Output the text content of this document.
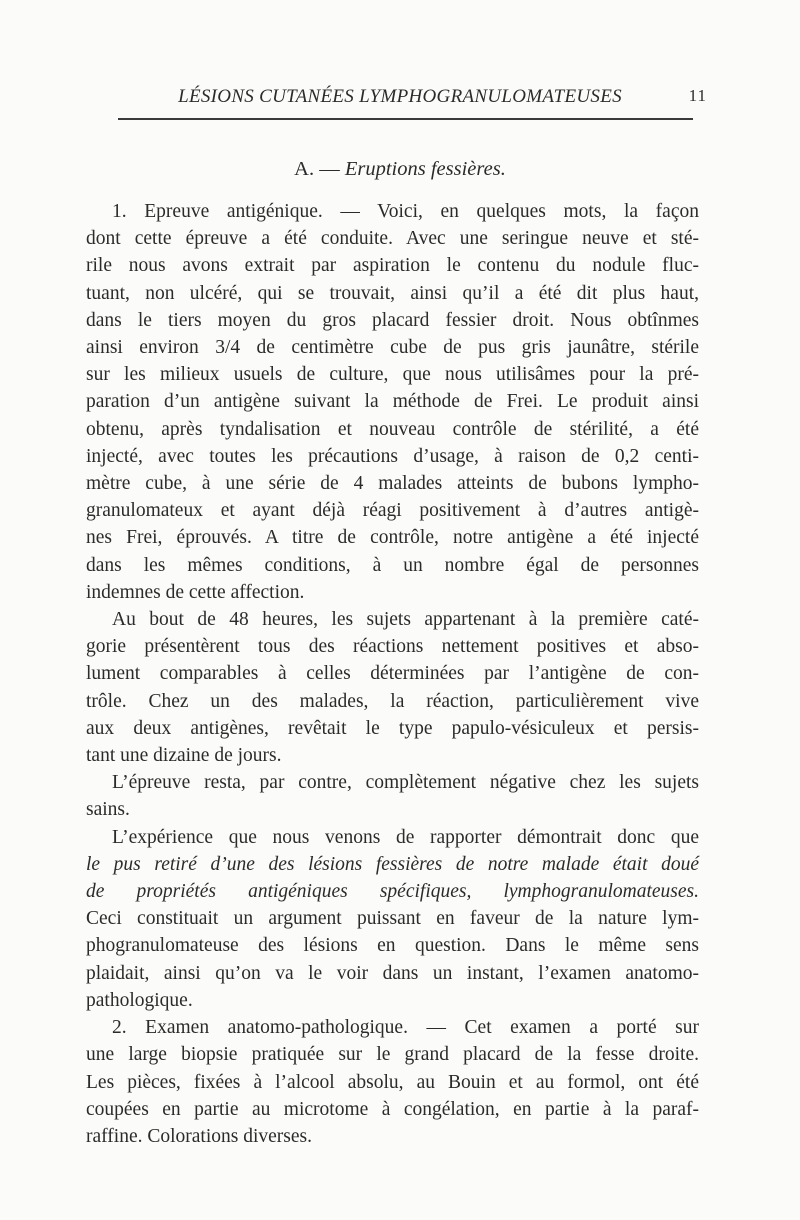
LÉSIONS CUTANÉES LYMPHOGRANULOMATEUSES	11
A. — Eruptions fessières.
1. Epreuve antigénique. — Voici, en quelques mots, la façon
dont cette épreuve a été conduite. Avec une seringue neuve et sté-
rile nous avons extrait par aspiration le contenu du nodule fluc-
tuant, non ulcéré, qui se trouvait, ainsi qu’il a été dit plus haut,
dans le tiers moyen du gros placard fessier droit. Nous obtînmes
ainsi environ 3/4 de centimètre cube de pus gris jaunâtre, stérile
sur les milieux usuels de culture, que nous utilisâmes pour la pré-
paration d’un antigène suivant la méthode de Frei. Le produit ainsi
obtenu, après tyndalisation et nouveau contrôle de stérilité, a été
injecté, avec toutes les précautions d’usage, à raison de 0,2 centi-
mètre cube, à une série de 4 malades atteints de bubons lympho-
granulomateux et ayant déjà réagi positivement à d’autres antigè-
nes Frei, éprouvés. A titre de contrôle, notre antigène a été injecté
dans les mêmes conditions, à un nombre égal de personnes
indemnes de cette affection.
Au bout de 48 heures, les sujets appartenant à la première caté-
gorie présentèrent tous des réactions nettement positives et abso-
lument comparables à celles déterminées par l’antigène de con-
trôle. Chez un des malades, la réaction, particulièrement vive
aux deux antigènes, revêtait le type papulo-vésiculeux et persis-
tant une dizaine de jours.
L’épreuve resta, par contre, complètement négative chez les sujets
sains.
L’expérience que nous venons de rapporter démontrait donc que
le pus retiré d’une des lésions fessières de notre malade était doué
de propriétés antigéniques spécifiques, lymphogranulomateuses.
Ceci constituait un argument puissant en faveur de la nature lym-
phogranulomateuse des lésions en question. Dans le même sens
plaidait, ainsi qu’on va le voir dans un instant, l’examen anatomo-
pathologique.
2. Examen anatomo-pathologique. — Cet examen a porté sur
une large biopsie pratiquée sur le grand placard de la fesse droite.
Les pièces, fixées à l’alcool absolu, au Bouin et au formol, ont été
coupées en partie au microtome à congélation, en partie à la paraf-
raffine. Colorations diverses.
